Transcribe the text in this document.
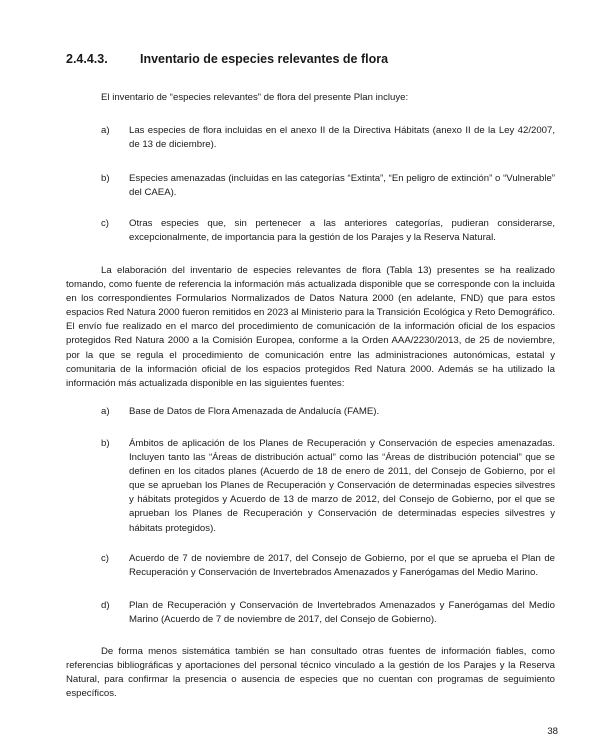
2.4.4.3.	Inventario de especies relevantes de flora
El inventario de “especies relevantes” de flora del presente Plan incluye:
a) Las especies de flora incluidas en el anexo II de la Directiva Hábitats (anexo II de la Ley 42/2007, de 13 de diciembre).
b) Especies amenazadas (incluidas en las categorías “Extinta”, “En peligro de extinción” o “Vulnerable” del CAEA).
c) Otras especies que, sin pertenecer a las anteriores categorías, pudieran considerarse, excepcionalmente, de importancia para la gestión de los Parajes y la Reserva Natural.
La elaboración del inventario de especies relevantes de flora (Tabla 13) presentes se ha realizado tomando, como fuente de referencia la información más actualizada disponible que se corresponde con la incluida en los correspondientes Formularios Normalizados de Datos Natura 2000 (en adelante, FND) que para estos espacios Red Natura 2000 fueron remitidos en 2023 al Ministerio para la Transición Ecológica y Reto Demográfico. El envío fue realizado en el marco del procedimiento de comunicación de la información oficial de los espacios protegidos Red Natura 2000 a la Comisión Europea, conforme a la Orden AAA/2230/2013, de 25 de noviembre, por la que se regula el procedimiento de comunicación entre las administraciones autonómicas, estatal y comunitaria de la información oficial de los espacios protegidos Red Natura 2000. Además se ha utilizado la información más actualizada disponible en las siguientes fuentes:
a) Base de Datos de Flora Amenazada de Andalucía (FAME).
b) Ámbitos de aplicación de los Planes de Recuperación y Conservación de especies amenazadas. Incluyen tanto las “Áreas de distribución actual” como las “Áreas de distribución potencial” que se definen en los citados planes (Acuerdo de 18 de enero de 2011, del Consejo de Gobierno, por el que se aprueban los Planes de Recuperación y Conservación de determinadas especies silvestres y hábitats protegidos y Acuerdo de 13 de marzo de 2012, del Consejo de Gobierno, por el que se aprueban los Planes de Recuperación y Conservación de determinadas especies silvestres y hábitats protegidos).
c) Acuerdo de 7 de noviembre de 2017, del Consejo de Gobierno, por el que se aprueba el Plan de Recuperación y Conservación de Invertebrados Amenazados y Fanerógamas del Medio Marino.
d) Plan de Recuperación y Conservación de Invertebrados Amenazados y Fanerógamas del Medio Marino (Acuerdo de 7 de noviembre de 2017, del Consejo de Gobierno).
De forma menos sistemática también se han consultado otras fuentes de información fiables, como referencias bibliográficas y aportaciones del personal técnico vinculado a la gestión de los Parajes y la Reserva Natural, para confirmar la presencia o ausencia de especies que no cuentan con programas de seguimiento específicos.
38
